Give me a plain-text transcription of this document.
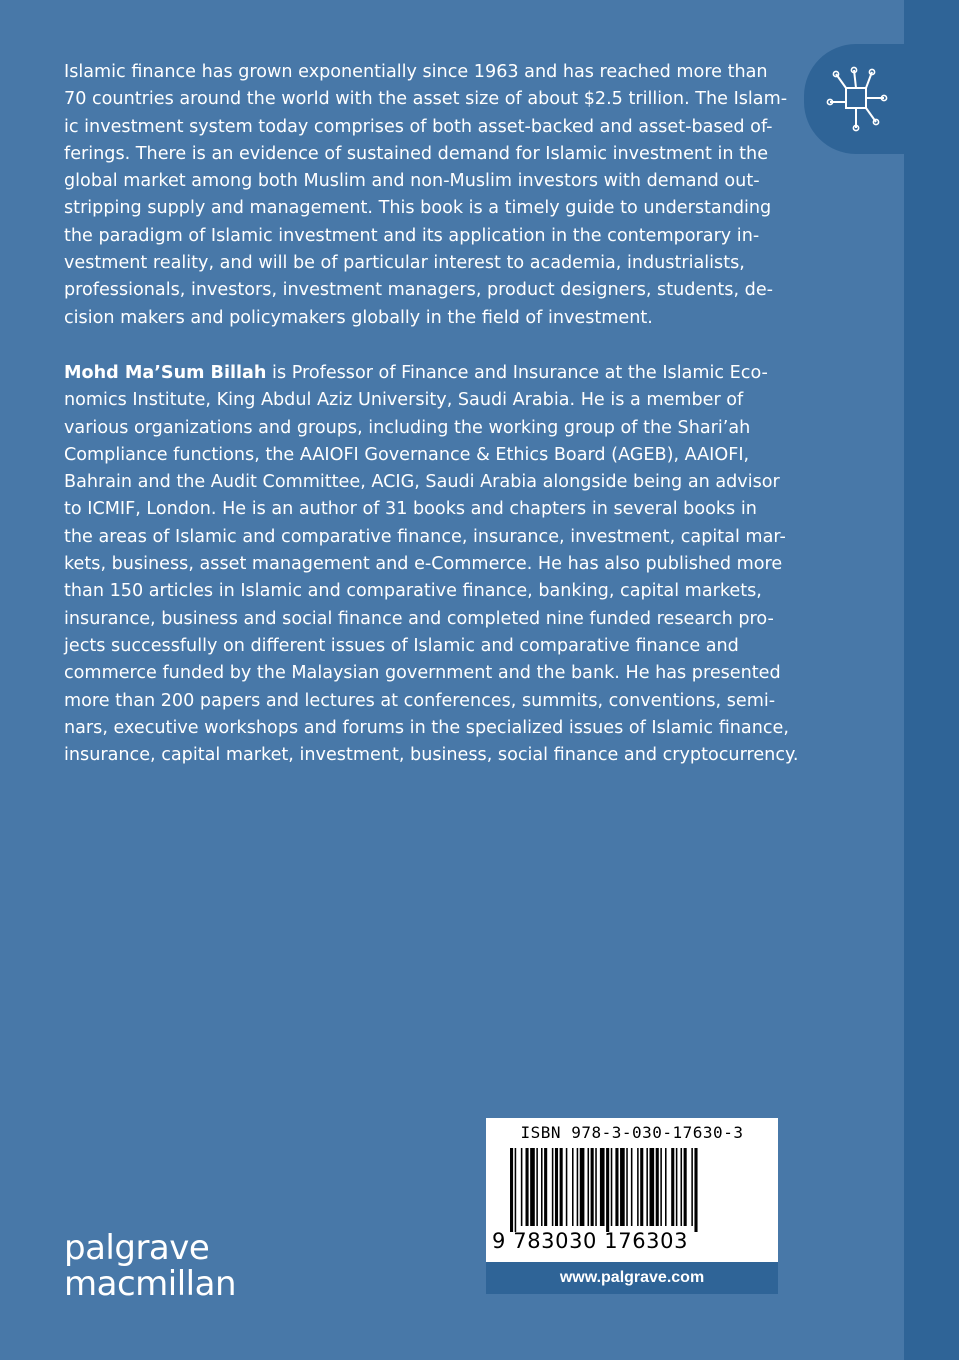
Islamic finance has grown exponentially since 1963 and has reached more than
70 countries around the world with the asset size of about $2.5 trillion. The Islam-
ic investment system today comprises of both asset-backed and asset-based of-
ferings. There is an evidence of sustained demand for Islamic investment in the
global market among both Muslim and non-Muslim investors with demand out-
stripping supply and management. This book is a timely guide to understanding
the paradigm of Islamic investment and its application in the contemporary in-
vestment reality, and will be of particular interest to academia, industrialists,
professionals, investors, investment managers, product designers, students, de-
cision makers and policymakers globally in the field of investment.
Mohd Ma’Sum Billah is Professor of Finance and Insurance at the Islamic Eco-
nomics Institute, King Abdul Aziz University, Saudi Arabia. He is a member of
various organizations and groups, including the working group of the Shari’ah
Compliance functions, the AAIOFI Governance & Ethics Board (AGEB), AAIOFI,
Bahrain and the Audit Committee, ACIG, Saudi Arabia alongside being an advisor
to ICMIF, London. He is an author of 31 books and chapters in several books in
the areas of Islamic and comparative finance, insurance, investment, capital mar-
kets, business, asset management and e-Commerce. He has also published more
than 150 articles in Islamic and comparative finance, banking, capital markets,
insurance, business and social finance and completed nine funded research pro-
jects successfully on different issues of Islamic and comparative finance and
commerce funded by the Malaysian government and the bank. He has presented
more than 200 papers and lectures at conferences, summits, conventions, semi-
nars, executive workshops and forums in the specialized issues of Islamic finance,
insurance, capital market, investment, business, social finance and cryptocurrency.
palgrave
macmillan
ISBN 978-3-030-17630-3
9 783030 176303
www.palgrave.com
